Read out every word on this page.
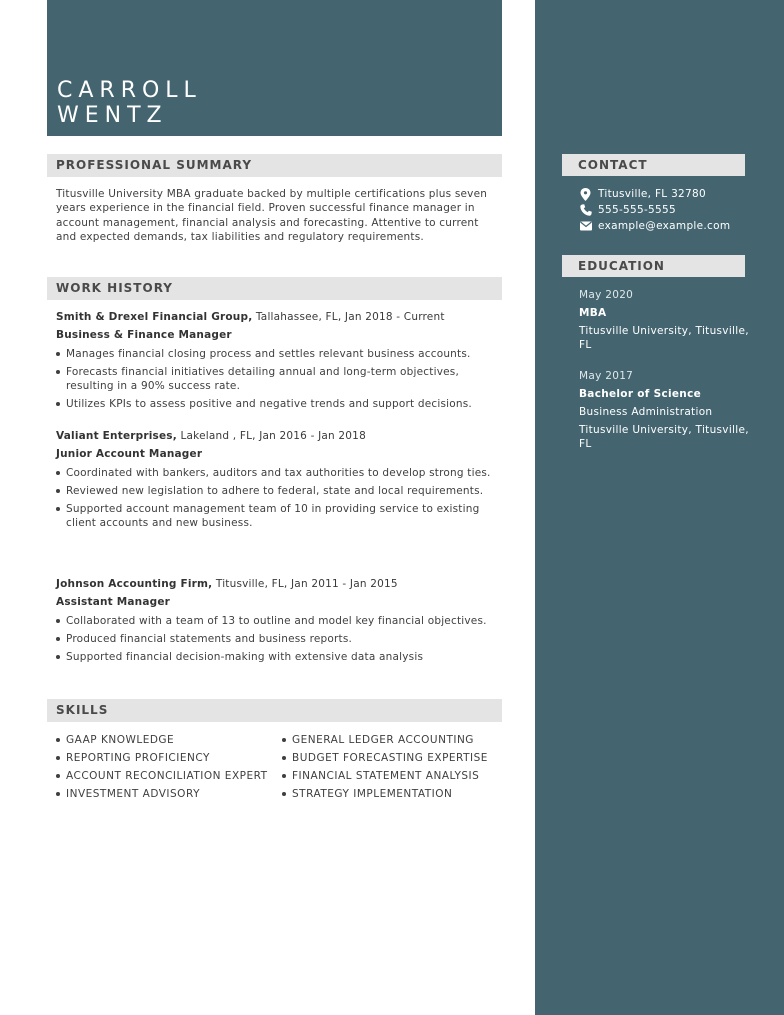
CONTACT
Titusville, FL 32780
555-555-5555
example@example.com
EDUCATION

May 2020

MBA

Titusville University, Titusville, FL

May 2017

Bachelor of Science

Business Administration

Titusville University, Titusville, FL

CARROLL
WENTZ
PROFESSIONAL SUMMARY

Titusville University MBA graduate backed by multiple certifications plus seven years experience in the financial field. Proven successful finance manager in account management, financial analysis and forecasting. Attentive to current and expected demands, tax liabilities and regulatory requirements.

WORK HISTORY

Smith & Drexel Financial Group, Tallahassee, FL, Jan 2018 - Current

Business & Finance Manager

Manages financial closing process and settles relevant business accounts.
Forecasts financial initiatives detailing annual and long-term objectives, resulting in a 90% success rate.
Utilizes KPIs to assess positive and negative trends and support decisions.

Valiant Enterprises, Lakeland , FL, Jan 2016 - Jan 2018

Junior Account Manager

Coordinated with bankers, auditors and tax authorities to develop strong ties.
Reviewed new legislation to adhere to federal, state and local requirements.
Supported account management team of 10 in providing service to existing client accounts and new business.

Johnson Accounting Firm, Titusville, FL, Jan 2011 - Jan 2015

Assistant Manager

Collaborated with a team of 13 to outline and model key financial objectives.
Produced financial statements and business reports.
Supported financial decision-making with extensive data analysis
SKILLS
GAAP KNOWLEDGE
REPORTING PROFICIENCY
ACCOUNT RECONCILIATION EXPERT
INVESTMENT ADVISORY
GENERAL LEDGER ACCOUNTING
BUDGET FORECASTING EXPERTISE
FINANCIAL STATEMENT ANALYSIS
STRATEGY IMPLEMENTATION
